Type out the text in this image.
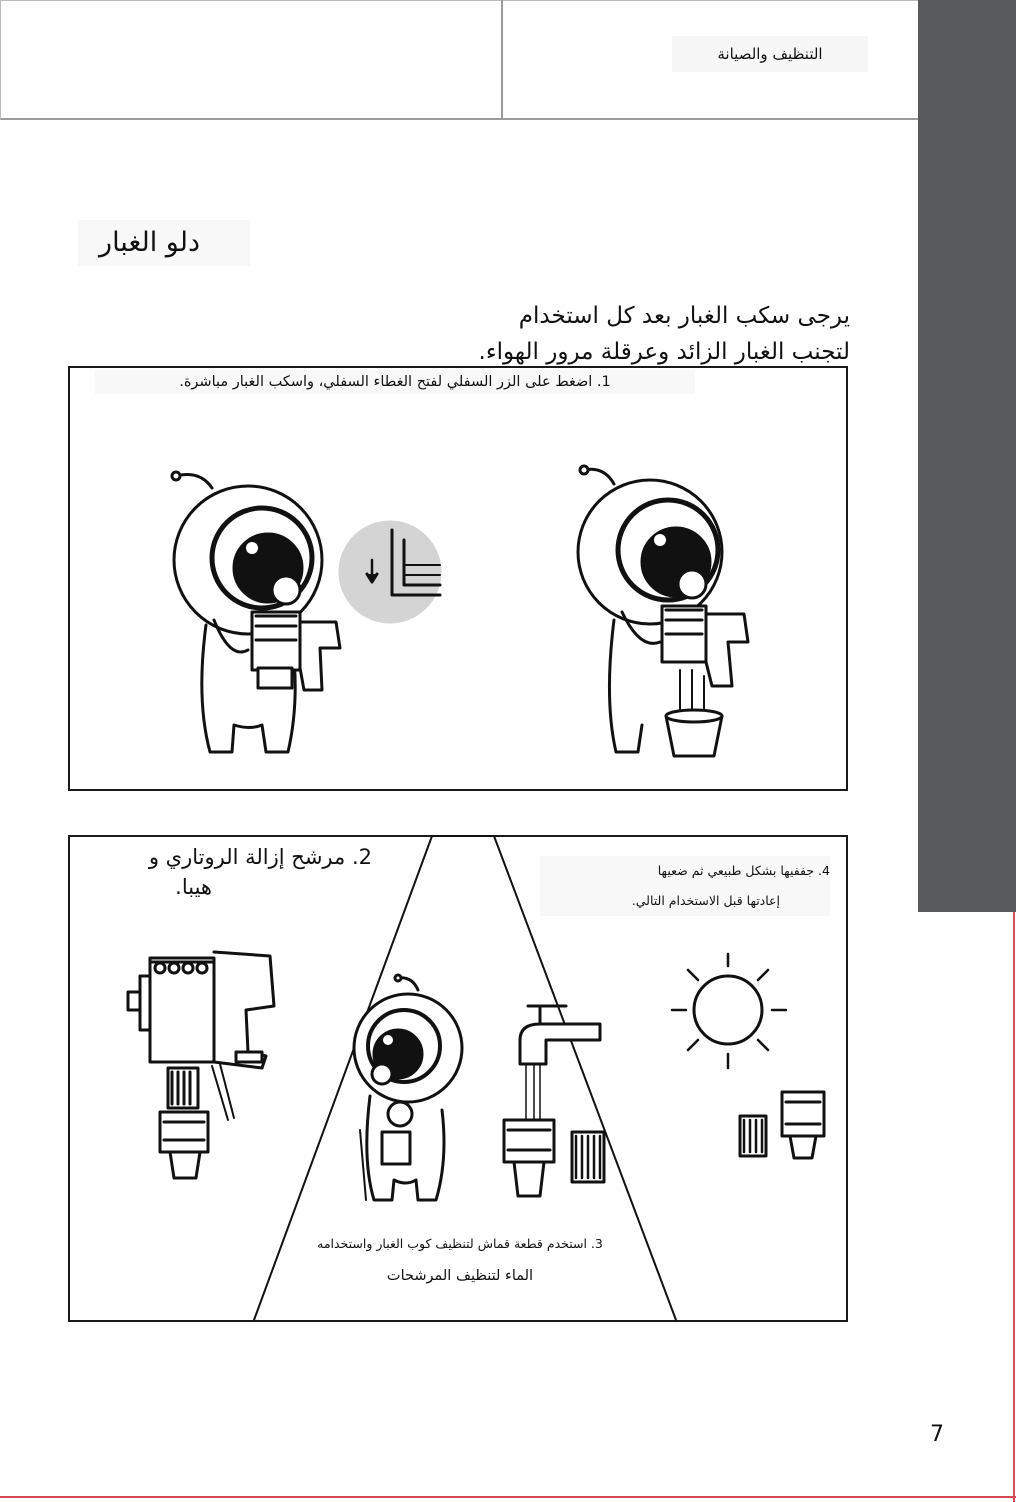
التنظيف والصيانة
دلو الغبار
يرجى سكب الغبار بعد كل استخدام
لتجنب الغبار الزائد وعرقلة مرور الهواء.
1. اضغط على الزر السفلي لفتح الغطاء السفلي، واسكب الغبار مباشرة.
2. مرشح إزالة الروتاري و
هيبا.
4. جففيها بشكل طبيعي ثم ضعيها
إعادتها قبل الاستخدام التالي.
3. استخدم قطعة قماش لتنظيف كوب الغبار واستخدامه
الماء لتنظيف المرشحات
7
